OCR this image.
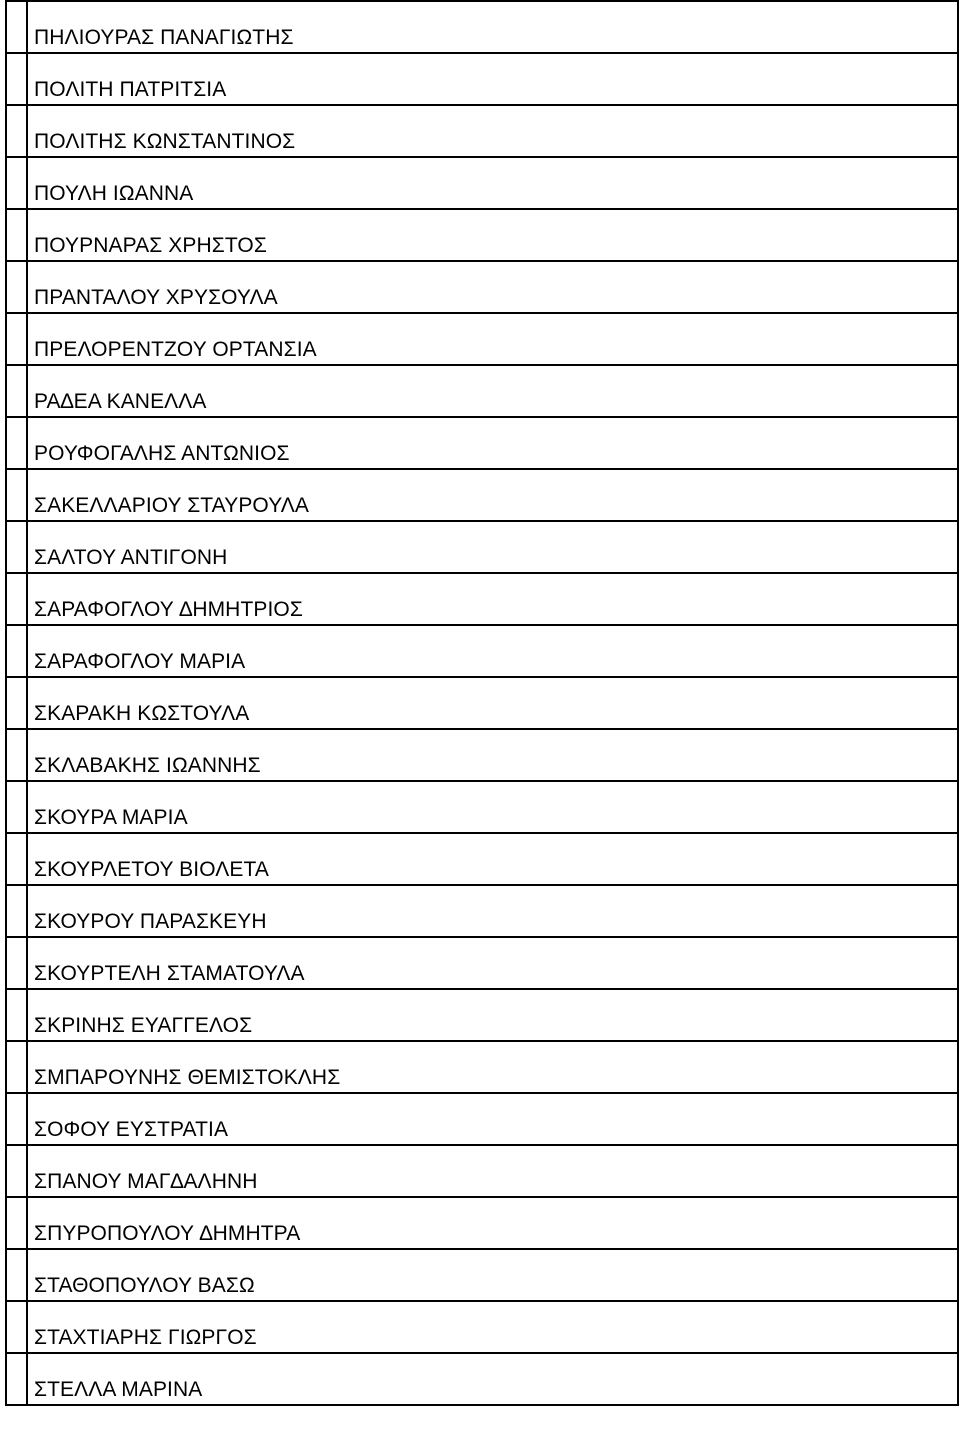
	ΠΗΛΙΟΥΡΑΣ ΠΑΝΑΓΙΩΤΗΣ

	ΠΟΛΙΤΗ ΠΑΤΡΙΤΣΙΑ

	ΠΟΛΙΤΗΣ ΚΩΝΣΤΑΝΤΙΝΟΣ

	ΠΟΥΛΗ ΙΩΑΝΝΑ

	ΠΟΥΡΝΑΡΑΣ ΧΡΗΣΤΟΣ

	ΠΡΑΝΤΑΛΟΥ ΧΡΥΣΟΥΛΑ

	ΠΡΕΛΟΡΕΝΤΖΟΥ ΟΡΤΑΝΣΙΑ

	ΡΑ∆ΕΑ ΚΑΝΕΛΛΑ

	ΡΟΥΦΟΓΑΛΗΣ ΑΝΤΩΝΙΟΣ

	ΣΑΚΕΛΛΑΡΙΟΥ ΣΤΑΥΡΟΥΛΑ

	ΣΑΛΤΟΥ ΑΝΤΙΓΟΝΗ

	ΣΑΡΑΦΟΓΛΟΥ ∆ΗΜΗΤΡΙΟΣ

	ΣΑΡΑΦΟΓΛΟΥ ΜΑΡΙΑ

	ΣΚΑΡΑΚΗ ΚΩΣΤΟΥΛΑ

	ΣΚΛΑΒΑΚΗΣ ΙΩΑΝΝΗΣ

	ΣΚΟΥΡΑ ΜΑΡΙΑ

	ΣΚΟΥΡΛΕΤΟΥ ΒΙΟΛΕΤΑ

	ΣΚΟΥΡΟΥ ΠΑΡΑΣΚΕΥΗ

	ΣΚΟΥΡΤΕΛΗ ΣΤΑΜΑΤΟΥΛΑ

	ΣΚΡΙΝΗΣ ΕΥΑΓΓΕΛΟΣ

	ΣΜΠΑΡΟΥΝΗΣ ΘΕΜΙΣΤΟΚΛΗΣ

	ΣΟΦΟΥ ΕΥΣΤΡΑΤΙΑ

	ΣΠΑΝΟΥ ΜΑΓ∆ΑΛΗΝΗ

	ΣΠΥΡΟΠΟΥΛΟΥ ∆ΗΜΗΤΡΑ

	ΣΤΑΘΟΠΟΥΛΟΥ ΒΑΣΩ

	ΣΤΑΧΤΙΑΡΗΣ ΓΙΩΡΓΟΣ

	ΣΤΕΛΛΑ ΜΑΡΙΝΑ
